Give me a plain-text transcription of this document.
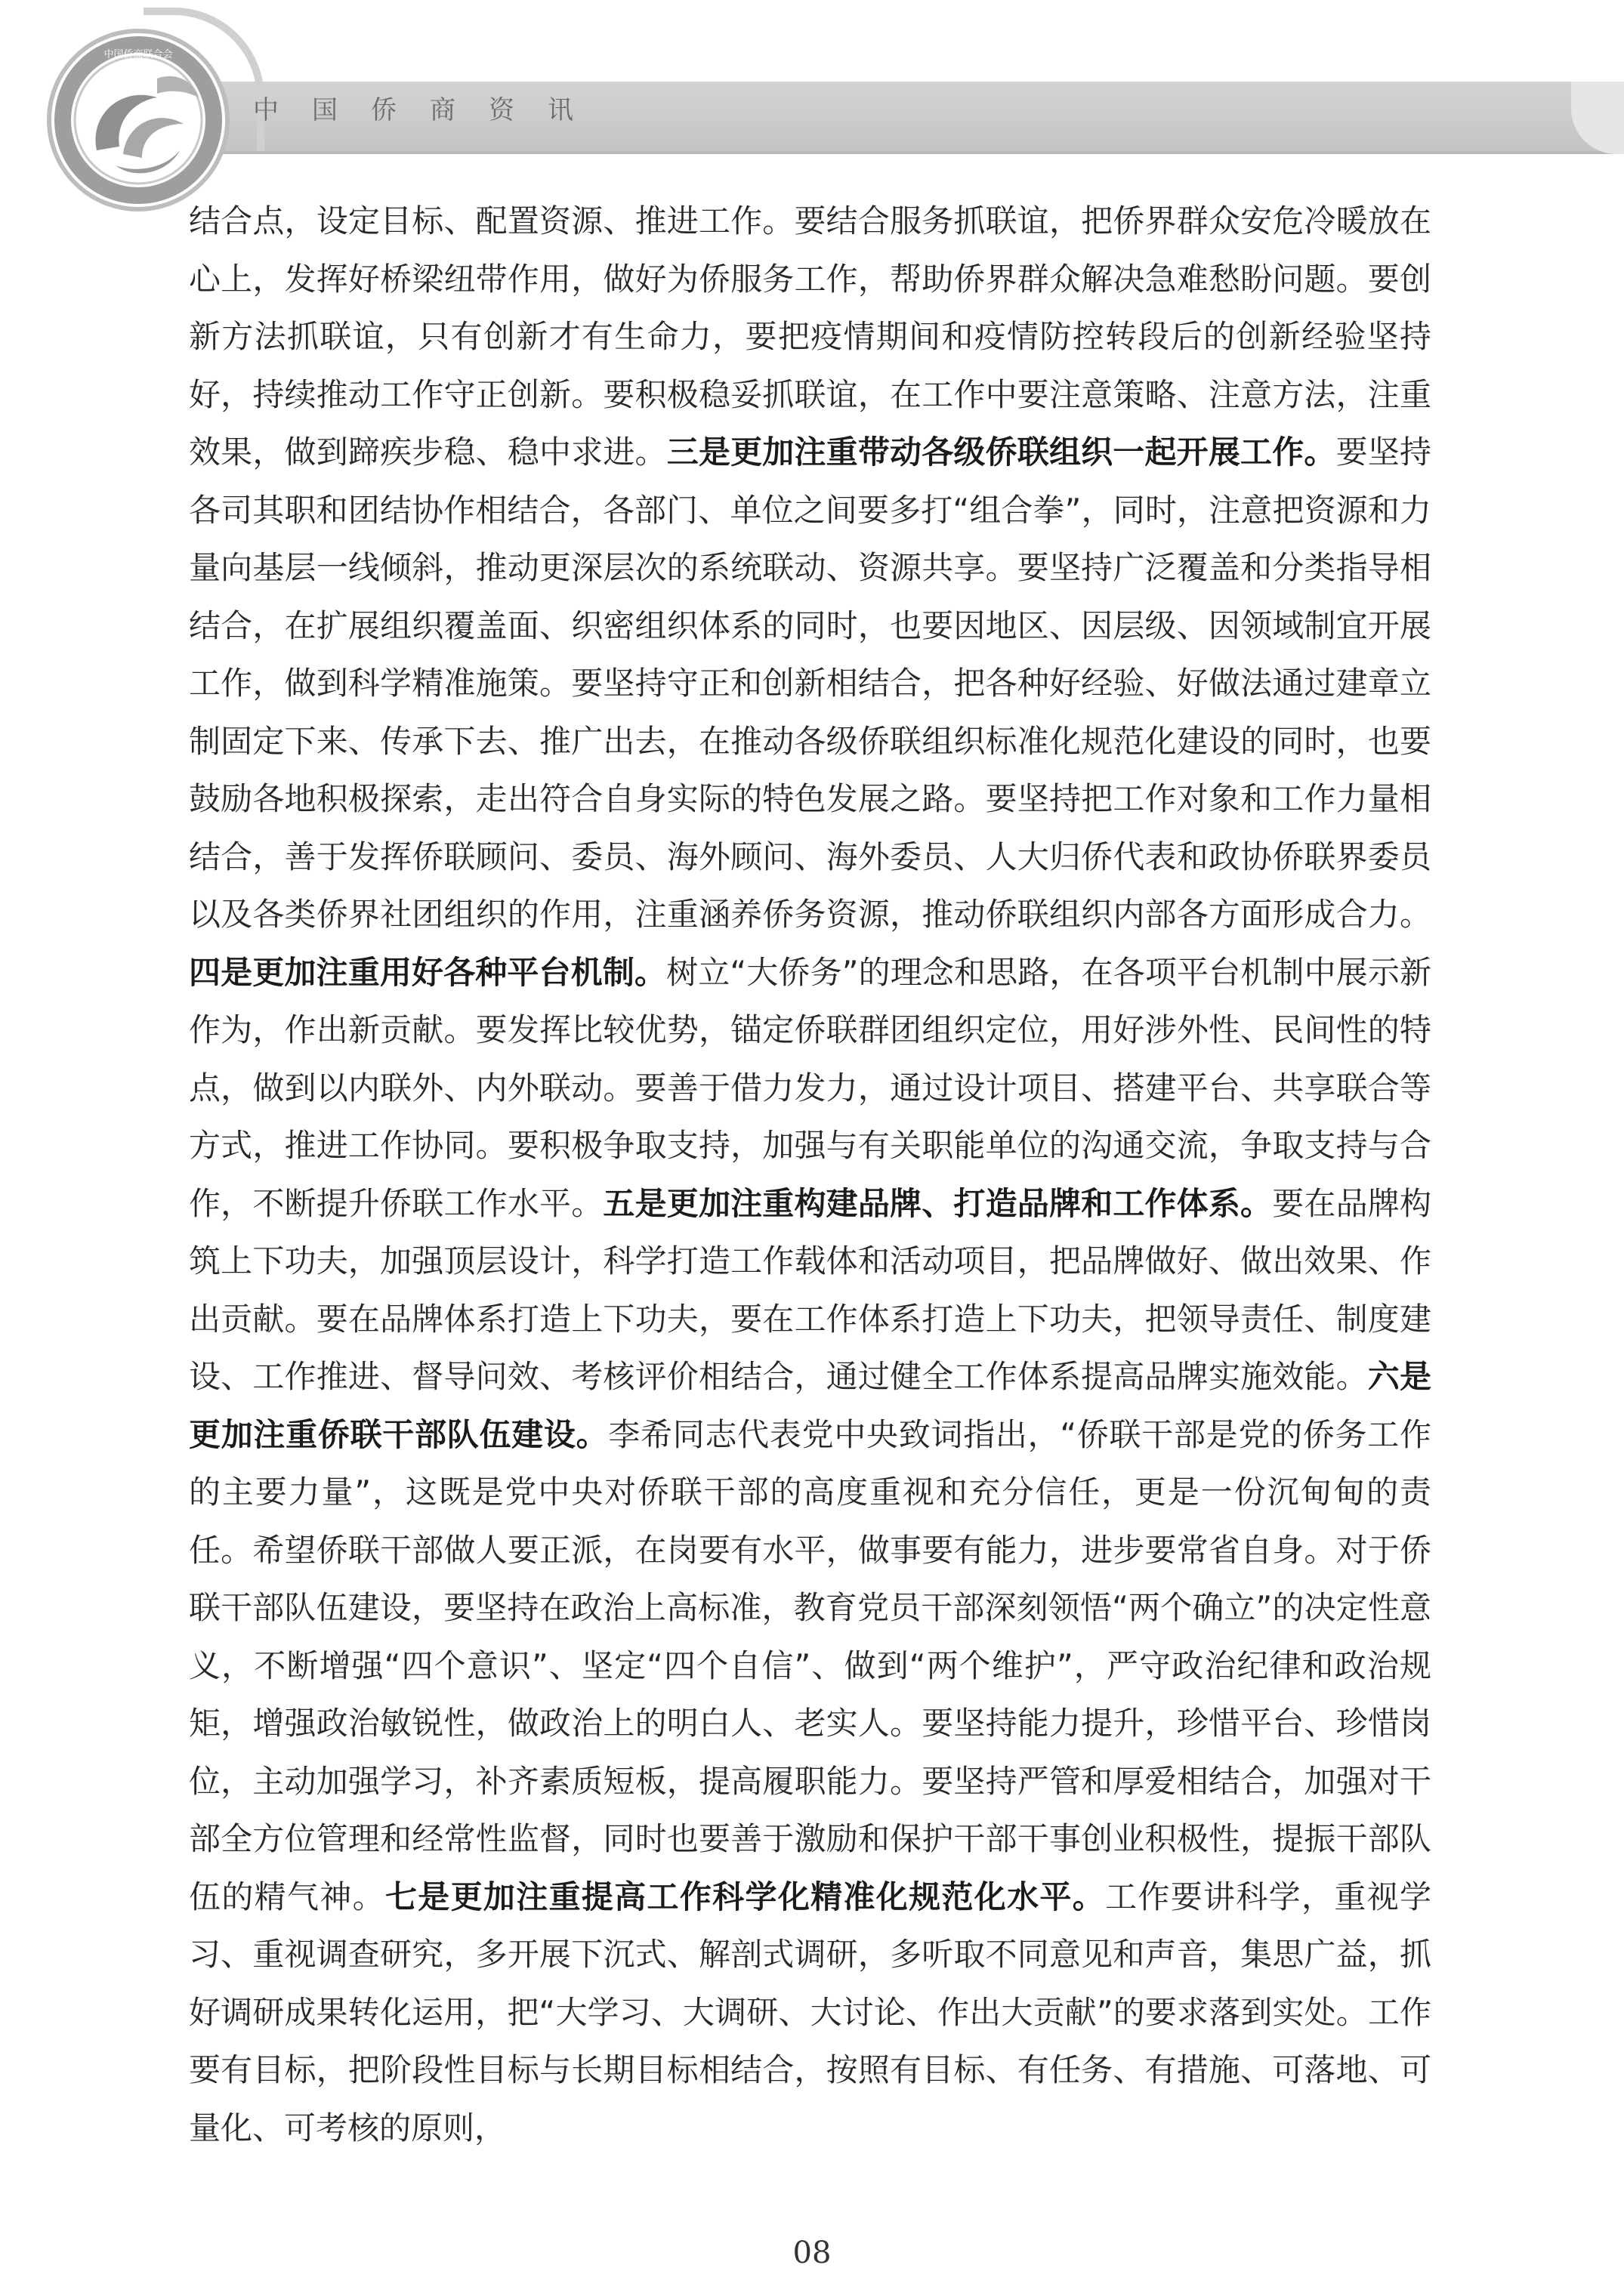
中国侨商联合会
中国侨商资讯

结合点，设定目标、配置资源、推进工作。要结合服务抓联谊，把侨界群众安危冷暖放在心上，发挥好桥梁纽带作用，做好为侨服务工作，帮助侨界群众解决急难愁盼问题。要创新方法抓联谊，只有创新才有生命力，要把疫情期间和疫情防控转段后的创新经验坚持好，持续推动工作守正创新。要积极稳妥抓联谊，在工作中要注意策略、注意方法，注重效果，做到蹄疾步稳、稳中求进。三是更加注重带动各级侨联组织一起开展工作。要坚持各司其职和团结协作相结合，各部门、单位之间要多打“组合拳”，同时，注意把资源和力量向基层一线倾斜，推动更深层次的系统联动、资源共享。要坚持广泛覆盖和分类指导相结合，在扩展组织覆盖面、织密组织体系的同时，也要因地区、因层级、因领域制宜开展工作，做到科学精准施策。要坚持守正和创新相结合，把各种好经验、好做法通过建章立制固定下来、传承下去、推广出去，在推动各级侨联组织标准化规范化建设的同时，也要鼓励各地积极探索，走出符合自身实际的特色发展之路。要坚持把工作对象和工作力量相结合，善于发挥侨联顾问、委员、海外顾问、海外委员、人大归侨代表和政协侨联界委员以及各类侨界社团组织的作用，注重涵养侨务资源，推动侨联组织内部各方面形成合力。四是更加注重用好各种平台机制。树立“大侨务”的理念和思路，在各项平台机制中展示新作为，作出新贡献。要发挥比较优势，锚定侨联群团组织定位，用好涉外性、民间性的特点，做到以内联外、内外联动。要善于借力发力，通过设计项目、搭建平台、共享联合等方式，推进工作协同。要积极争取支持，加强与有关职能单位的沟通交流，争取支持与合作，不断提升侨联工作水平。五是更加注重构建品牌、打造品牌和工作体系。要在品牌构筑上下功夫，加强顶层设计，科学打造工作载体和活动项目，把品牌做好、做出效果、作出贡献。要在品牌体系打造上下功夫，要在工作体系打造上下功夫，把领导责任、制度建设、工作推进、督导问效、考核评价相结合，通过健全工作体系提高品牌实施效能。六是更加注重侨联干部队伍建设。李希同志代表党中央致词指出，“侨联干部是党的侨务工作的主要力量”，这既是党中央对侨联干部的高度重视和充分信任，更是一份沉甸甸的责任。希望侨联干部做人要正派，在岗要有水平，做事要有能力，进步要常省自身。对于侨联干部队伍建设，要坚持在政治上高标准，教育党员干部深刻领悟“两个确立”的决定性意义，不断增强“四个意识”、坚定“四个自信”、做到“两个维护”，严守政治纪律和政治规矩，增强政治敏锐性，做政治上的明白人、老实人。要坚持能力提升，珍惜平台、珍惜岗位，主动加强学习，补齐素质短板，提高履职能力。要坚持严管和厚爱相结合，加强对干部全方位管理和经常性监督，同时也要善于激励和保护干部干事创业积极性，提振干部队伍的精气神。七是更加注重提高工作科学化精准化规范化水平。工作要讲科学，重视学习、重视调查研究，多开展下沉式、解剖式调研，多听取不同意见和声音，集思广益，抓好调研成果转化运用，把“大学习、大调研、大讨论、作出大贡献”的要求落到实处。工作要有目标，把阶段性目标与长期目标相结合，按照有目标、有任务、有措施、可落地、可量化、可考核的原则，

08
